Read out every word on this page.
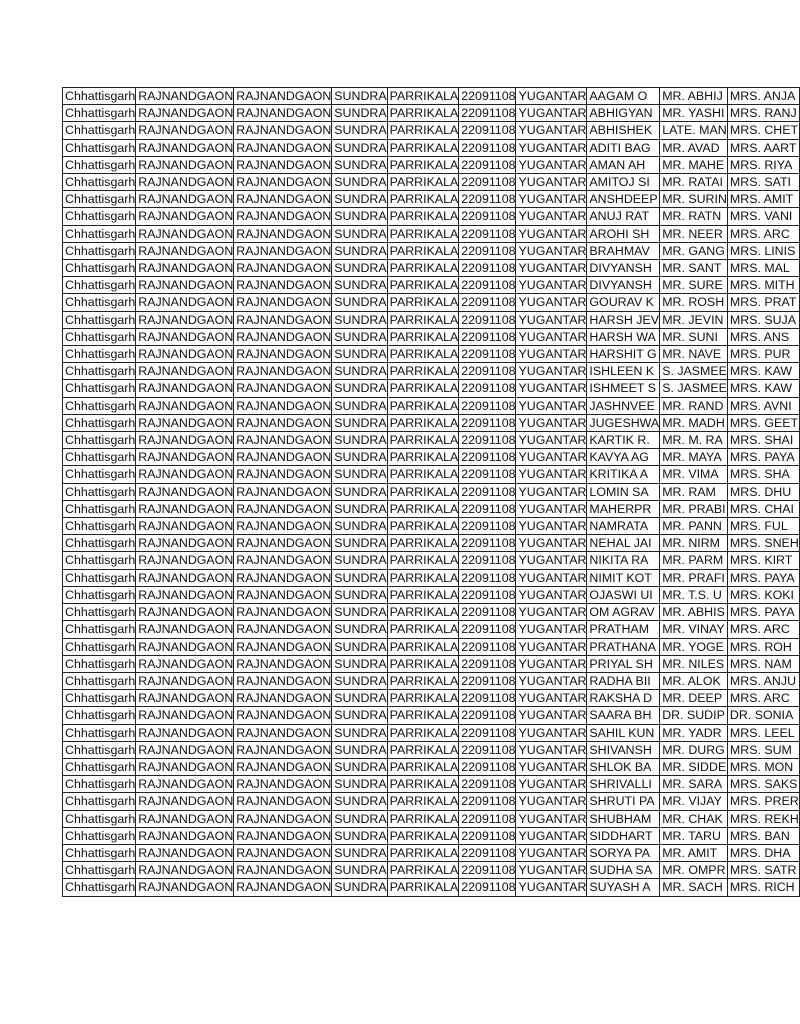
Chhattisgarh	RAJNANDGAON	RAJNANDGAON	SUNDRA	PARRIKALA	22091108	YUGANTAR	AAGAM O	MR. ABHIJ	MRS. ANJA
Chhattisgarh	RAJNANDGAON	RAJNANDGAON	SUNDRA	PARRIKALA	22091108	YUGANTAR	ABHIGYAN	MR. YASHI	MRS. RANJ
Chhattisgarh	RAJNANDGAON	RAJNANDGAON	SUNDRA	PARRIKALA	22091108	YUGANTAR	ABHISHEK	LATE. MAN	MRS. CHET
Chhattisgarh	RAJNANDGAON	RAJNANDGAON	SUNDRA	PARRIKALA	22091108	YUGANTAR	ADITI BAG	MR. AVAD	MRS. AART
Chhattisgarh	RAJNANDGAON	RAJNANDGAON	SUNDRA	PARRIKALA	22091108	YUGANTAR	AMAN AH	MR. MAHE	MRS. RIYA
Chhattisgarh	RAJNANDGAON	RAJNANDGAON	SUNDRA	PARRIKALA	22091108	YUGANTAR	AMITOJ SI	MR. RATAI	MRS. SATI
Chhattisgarh	RAJNANDGAON	RAJNANDGAON	SUNDRA	PARRIKALA	22091108	YUGANTAR	ANSHDEEP	MR. SURIN	MRS. AMIT
Chhattisgarh	RAJNANDGAON	RAJNANDGAON	SUNDRA	PARRIKALA	22091108	YUGANTAR	ANUJ RAT	MR. RATN	MRS. VANI
Chhattisgarh	RAJNANDGAON	RAJNANDGAON	SUNDRA	PARRIKALA	22091108	YUGANTAR	AROHI SH	MR. NEER	MRS. ARC
Chhattisgarh	RAJNANDGAON	RAJNANDGAON	SUNDRA	PARRIKALA	22091108	YUGANTAR	BRAHMAV	MR. GANG	MRS. LINIS
Chhattisgarh	RAJNANDGAON	RAJNANDGAON	SUNDRA	PARRIKALA	22091108	YUGANTAR	DIVYANSH	MR. SANT	MRS. MAL
Chhattisgarh	RAJNANDGAON	RAJNANDGAON	SUNDRA	PARRIKALA	22091108	YUGANTAR	DIVYANSH	MR. SURE	MRS. MITH
Chhattisgarh	RAJNANDGAON	RAJNANDGAON	SUNDRA	PARRIKALA	22091108	YUGANTAR	GOURAV K	MR. ROSH	MRS. PRAT
Chhattisgarh	RAJNANDGAON	RAJNANDGAON	SUNDRA	PARRIKALA	22091108	YUGANTAR	HARSH JEV	MR. JEVIN	MRS. SUJA
Chhattisgarh	RAJNANDGAON	RAJNANDGAON	SUNDRA	PARRIKALA	22091108	YUGANTAR	HARSH WA	MR. SUNI	MRS. ANS
Chhattisgarh	RAJNANDGAON	RAJNANDGAON	SUNDRA	PARRIKALA	22091108	YUGANTAR	HARSHIT G	MR. NAVE	MRS. PUR
Chhattisgarh	RAJNANDGAON	RAJNANDGAON	SUNDRA	PARRIKALA	22091108	YUGANTAR	ISHLEEN K	S. JASMEE	MRS. KAW
Chhattisgarh	RAJNANDGAON	RAJNANDGAON	SUNDRA	PARRIKALA	22091108	YUGANTAR	ISHMEET S	S. JASMEE	MRS. KAW
Chhattisgarh	RAJNANDGAON	RAJNANDGAON	SUNDRA	PARRIKALA	22091108	YUGANTAR	JASHNVEE	MR. RAND	MRS. AVNI
Chhattisgarh	RAJNANDGAON	RAJNANDGAON	SUNDRA	PARRIKALA	22091108	YUGANTAR	JUGESHWA	MR. MADH	MRS. GEET
Chhattisgarh	RAJNANDGAON	RAJNANDGAON	SUNDRA	PARRIKALA	22091108	YUGANTAR	KARTIK R.	MR. M. RA	MRS. SHAI
Chhattisgarh	RAJNANDGAON	RAJNANDGAON	SUNDRA	PARRIKALA	22091108	YUGANTAR	KAVYA AG	MR. MAYA	MRS. PAYA
Chhattisgarh	RAJNANDGAON	RAJNANDGAON	SUNDRA	PARRIKALA	22091108	YUGANTAR	KRITIKA A	MR. VIMA	MRS. SHA
Chhattisgarh	RAJNANDGAON	RAJNANDGAON	SUNDRA	PARRIKALA	22091108	YUGANTAR	LOMIN SA	MR. RAM	MRS. DHU
Chhattisgarh	RAJNANDGAON	RAJNANDGAON	SUNDRA	PARRIKALA	22091108	YUGANTAR	MAHERPR	MR. PRABI	MRS. CHAI
Chhattisgarh	RAJNANDGAON	RAJNANDGAON	SUNDRA	PARRIKALA	22091108	YUGANTAR	NAMRATA	MR. PANN	MRS. FUL
Chhattisgarh	RAJNANDGAON	RAJNANDGAON	SUNDRA	PARRIKALA	22091108	YUGANTAR	NEHAL JAI	MR. NIRM	MRS. SNEH
Chhattisgarh	RAJNANDGAON	RAJNANDGAON	SUNDRA	PARRIKALA	22091108	YUGANTAR	NIKITA RA	MR. PARM	MRS. KIRT
Chhattisgarh	RAJNANDGAON	RAJNANDGAON	SUNDRA	PARRIKALA	22091108	YUGANTAR	NIMIT KOT	MR. PRAFI	MRS. PAYA
Chhattisgarh	RAJNANDGAON	RAJNANDGAON	SUNDRA	PARRIKALA	22091108	YUGANTAR	OJASWI UI	MR. T.S. U	MRS. KOKI
Chhattisgarh	RAJNANDGAON	RAJNANDGAON	SUNDRA	PARRIKALA	22091108	YUGANTAR	OM AGRAV	MR. ABHIS	MRS. PAYA
Chhattisgarh	RAJNANDGAON	RAJNANDGAON	SUNDRA	PARRIKALA	22091108	YUGANTAR	PRATHAM	MR. VINAY	MRS. ARC
Chhattisgarh	RAJNANDGAON	RAJNANDGAON	SUNDRA	PARRIKALA	22091108	YUGANTAR	PRATHANA	MR. YOGE	MRS. ROH
Chhattisgarh	RAJNANDGAON	RAJNANDGAON	SUNDRA	PARRIKALA	22091108	YUGANTAR	PRIYAL SH	MR. NILES	MRS. NAM
Chhattisgarh	RAJNANDGAON	RAJNANDGAON	SUNDRA	PARRIKALA	22091108	YUGANTAR	RADHA BII	MR. ALOK	MRS. ANJU
Chhattisgarh	RAJNANDGAON	RAJNANDGAON	SUNDRA	PARRIKALA	22091108	YUGANTAR	RAKSHA D	MR. DEEP	MRS. ARC
Chhattisgarh	RAJNANDGAON	RAJNANDGAON	SUNDRA	PARRIKALA	22091108	YUGANTAR	SAARA BH	DR. SUDIP	DR. SONIA
Chhattisgarh	RAJNANDGAON	RAJNANDGAON	SUNDRA	PARRIKALA	22091108	YUGANTAR	SAHIL KUN	MR. YADR	MRS. LEEL
Chhattisgarh	RAJNANDGAON	RAJNANDGAON	SUNDRA	PARRIKALA	22091108	YUGANTAR	SHIVANSH	MR. DURG	MRS. SUM
Chhattisgarh	RAJNANDGAON	RAJNANDGAON	SUNDRA	PARRIKALA	22091108	YUGANTAR	SHLOK BA	MR. SIDDE	MRS. MON
Chhattisgarh	RAJNANDGAON	RAJNANDGAON	SUNDRA	PARRIKALA	22091108	YUGANTAR	SHRIVALLI	MR. SARA	MRS. SAKS
Chhattisgarh	RAJNANDGAON	RAJNANDGAON	SUNDRA	PARRIKALA	22091108	YUGANTAR	SHRUTI PA	MR. VIJAY	MRS. PRER
Chhattisgarh	RAJNANDGAON	RAJNANDGAON	SUNDRA	PARRIKALA	22091108	YUGANTAR	SHUBHAM	MR. CHAK	MRS. REKH
Chhattisgarh	RAJNANDGAON	RAJNANDGAON	SUNDRA	PARRIKALA	22091108	YUGANTAR	SIDDHART	MR. TARU	MRS. BAN
Chhattisgarh	RAJNANDGAON	RAJNANDGAON	SUNDRA	PARRIKALA	22091108	YUGANTAR	SORYA PA	MR. AMIT	MRS. DHA
Chhattisgarh	RAJNANDGAON	RAJNANDGAON	SUNDRA	PARRIKALA	22091108	YUGANTAR	SUDHA SA	MR. OMPR	MRS. SATR
Chhattisgarh	RAJNANDGAON	RAJNANDGAON	SUNDRA	PARRIKALA	22091108	YUGANTAR	SUYASH A	MR. SACH	MRS. RICH
